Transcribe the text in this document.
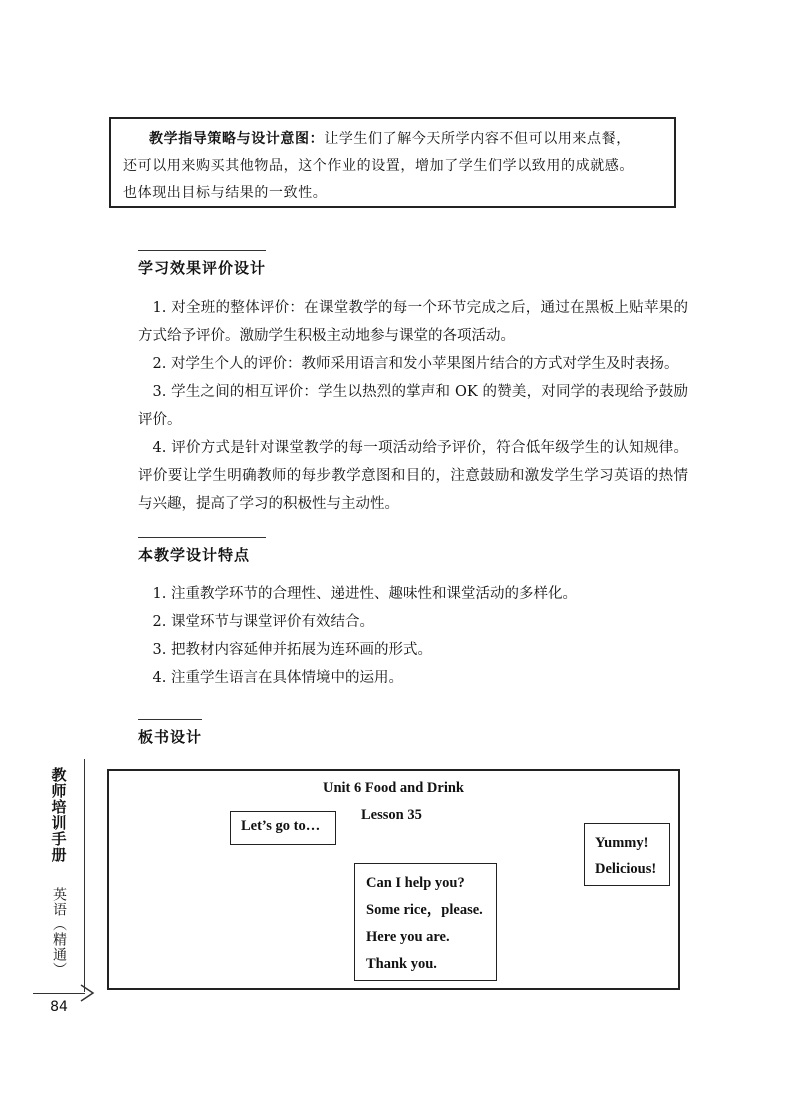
教学指导策略与设计意图：让学生们了解今天所学内容不但可以用来点餐，
还可以用来购买其他物品，这个作业的设置，增加了学生们学以致用的成就感。
也体现出目标与结果的一致性。
学习效果评价设计

1. 对全班的整体评价：在课堂教学的每一个环节完成之后，通过在黑板上贴苹果的方式给予评价。激励学生积极主动地参与课堂的各项活动。

2. 对学生个人的评价：教师采用语言和发小苹果图片结合的方式对学生及时表扬。

3. 学生之间的相互评价：学生以热烈的掌声和 OK 的赞美，对同学的表现给予鼓励评价。

4. 评价方式是针对课堂教学的每一项活动给予评价，符合低年级学生的认知规律。评价要让学生明确教师的每步教学意图和目的，注意鼓励和激发学生学习英语的热情与兴趣，提高了学习的积极性与主动性。

本教学设计特点

1. 注重教学环节的合理性、递进性、趣味性和课堂活动的多样化。

2. 课堂环节与课堂评价有效结合。

3. 把教材内容延伸并拓展为连环画的形式。

4. 注重学生语言在具体情境中的运用。

板书设计
Unit 6 Food and Drink
Lesson 35
Let’s go to…
Yummy!
Delicious!
Can I help you?
Some rice，please.
Here you are.
Thank you.
教师培训手册
英语（精通）
84
